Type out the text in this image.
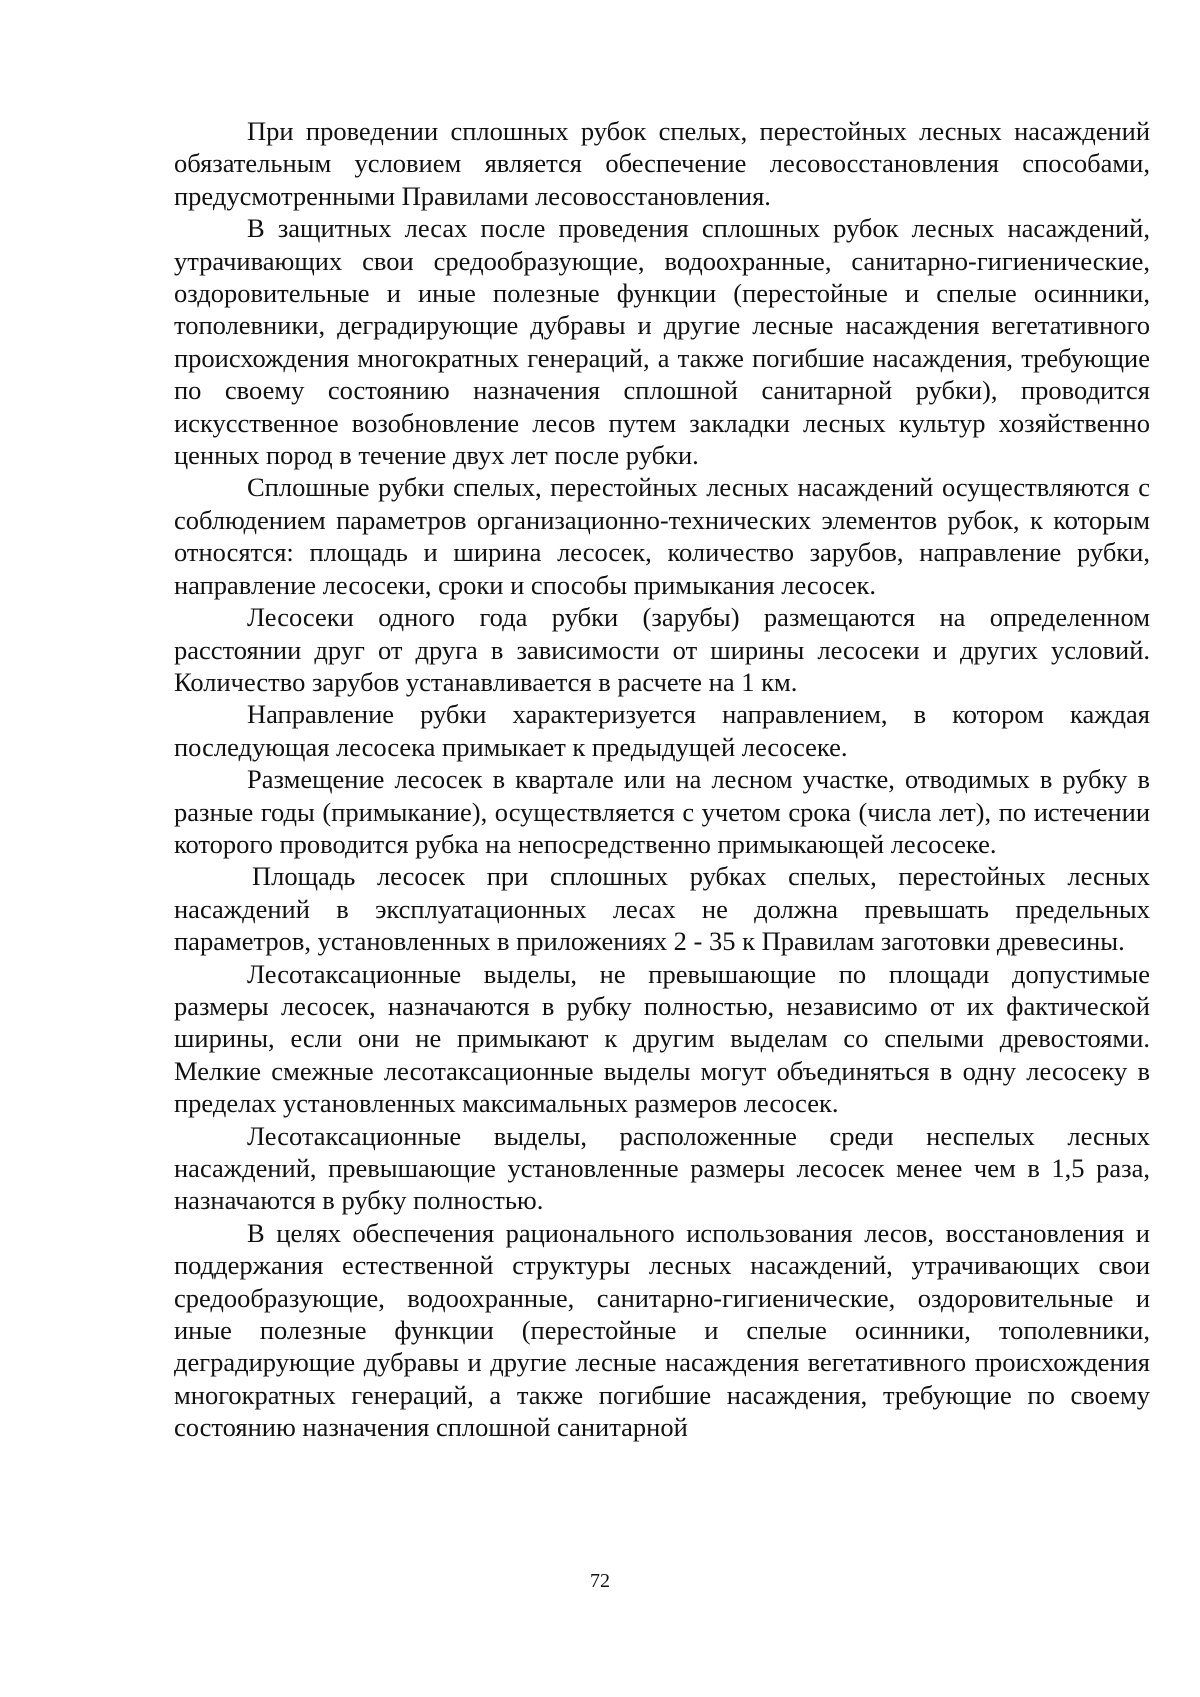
При проведении сплошных рубок спелых, перестойных лесных насаждений обязательным условием является обеспечение лесовосстановления способами, предусмотренными Правилами лесовосстановления.

В защитных лесах после проведения сплошных рубок лесных насаждений, утрачивающих свои средообразующие, водоохранные, санитарно-гигиенические, оздоровительные и иные полезные функции (перестойные и спелые осинники, тополевники, деградирующие дубравы и другие лесные насаждения вегетативного происхождения многократных генераций, а также погибшие насаждения, требующие по своему состоянию назначения сплошной санитарной рубки), проводится искусственное возобновление лесов путем закладки лесных культур хозяйственно ценных пород в течение двух лет после рубки.

Сплошные рубки спелых, перестойных лесных насаждений осуществляются с соблюдением параметров организационно-технических элементов рубок, к которым относятся: площадь и ширина лесосек, количество зарубов, направление рубки, направление лесосеки, сроки и способы примыкания лесосек.

Лесосеки одного года рубки (зарубы) размещаются на определенном расстоянии друг от друга в зависимости от ширины лесосеки и других условий. Количество зарубов устанавливается в расчете на 1 км.

Направление рубки характеризуется направлением, в котором каждая последующая лесосека примыкает к предыдущей лесосеке.

Размещение лесосек в квартале или на лесном участке, отводимых в рубку в разные годы (примыкание), осуществляется с учетом срока (числа лет), по истечении которого проводится рубка на непосредственно примыкающей лесосеке.

Площадь лесосек при сплошных рубках спелых, перестойных лесных насаждений в эксплуатационных лесах не должна превышать предельных параметров, установленных в приложениях 2 - 35 к Правилам заготовки древесины.

Лесотаксационные выделы, не превышающие по площади допустимые размеры лесосек, назначаются в рубку полностью, независимо от их фактической ширины, если они не примыкают к другим выделам со спелыми древостоями. Мелкие смежные лесотаксационные выделы могут объединяться в одну лесосеку в пределах установленных максимальных размеров лесосек.

Лесотаксационные выделы, расположенные среди неспелых лесных насаждений, превышающие установленные размеры лесосек менее чем в 1,5 раза, назначаются в рубку полностью.

В целях обеспечения рационального использования лесов, восстановления и поддержания естественной структуры лесных насаждений, утрачивающих свои средообразующие, водоохранные, санитарно-гигиенические, оздоровительные и иные полезные функции (перестойные и спелые осинники, тополевники, деградирующие дубравы и другие лесные насаждения вегетативного происхождения многократных генераций, а также погибшие насаждения, требующие по своему состоянию назначения сплошной санитарной

72
